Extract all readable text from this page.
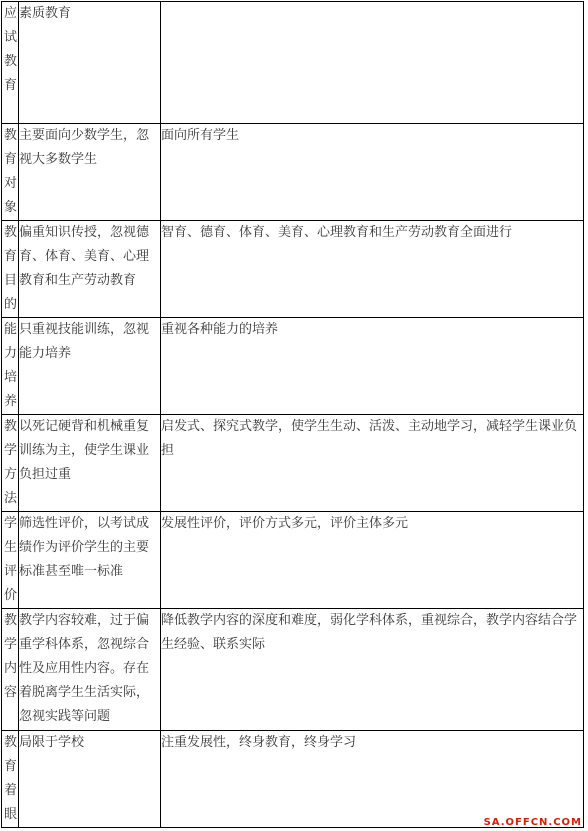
应试教育	素质教育	

教育对象	主要面向少数学生，忽视大多数学生	面向所有学生

教育目的	偏重知识传授，忽视德育、体育、美育、心理教育和生产劳动教育	智育、德育、体育、美育、心理教育和生产劳动教育全面进行

能力培养	只重视技能训练，忽视能力培养	重视各种能力的培养

教学方法	以死记硬背和机械重复训练为主，使学生课业负担过重	启发式、探究式教学，使学生生动、活泼、主动地学习，减轻学生课业负担

学生评价	筛选性评价，以考试成绩作为评价学生的主要标准甚至唯一标准	发展性评价，评价方式多元，评价主体多元

教学内容	教学内容较难，过于偏重学科体系，忽视综合性及应用性内容。存在着脱离学生生活实际，忽视实践等问题	降低教学内容的深度和难度，弱化学科体系，重视综合，教学内容结合学生经验、联系实际

教育着眼	局限于学校	注重发展性，终身教育，终身学习
SA.OFFCN.COM
